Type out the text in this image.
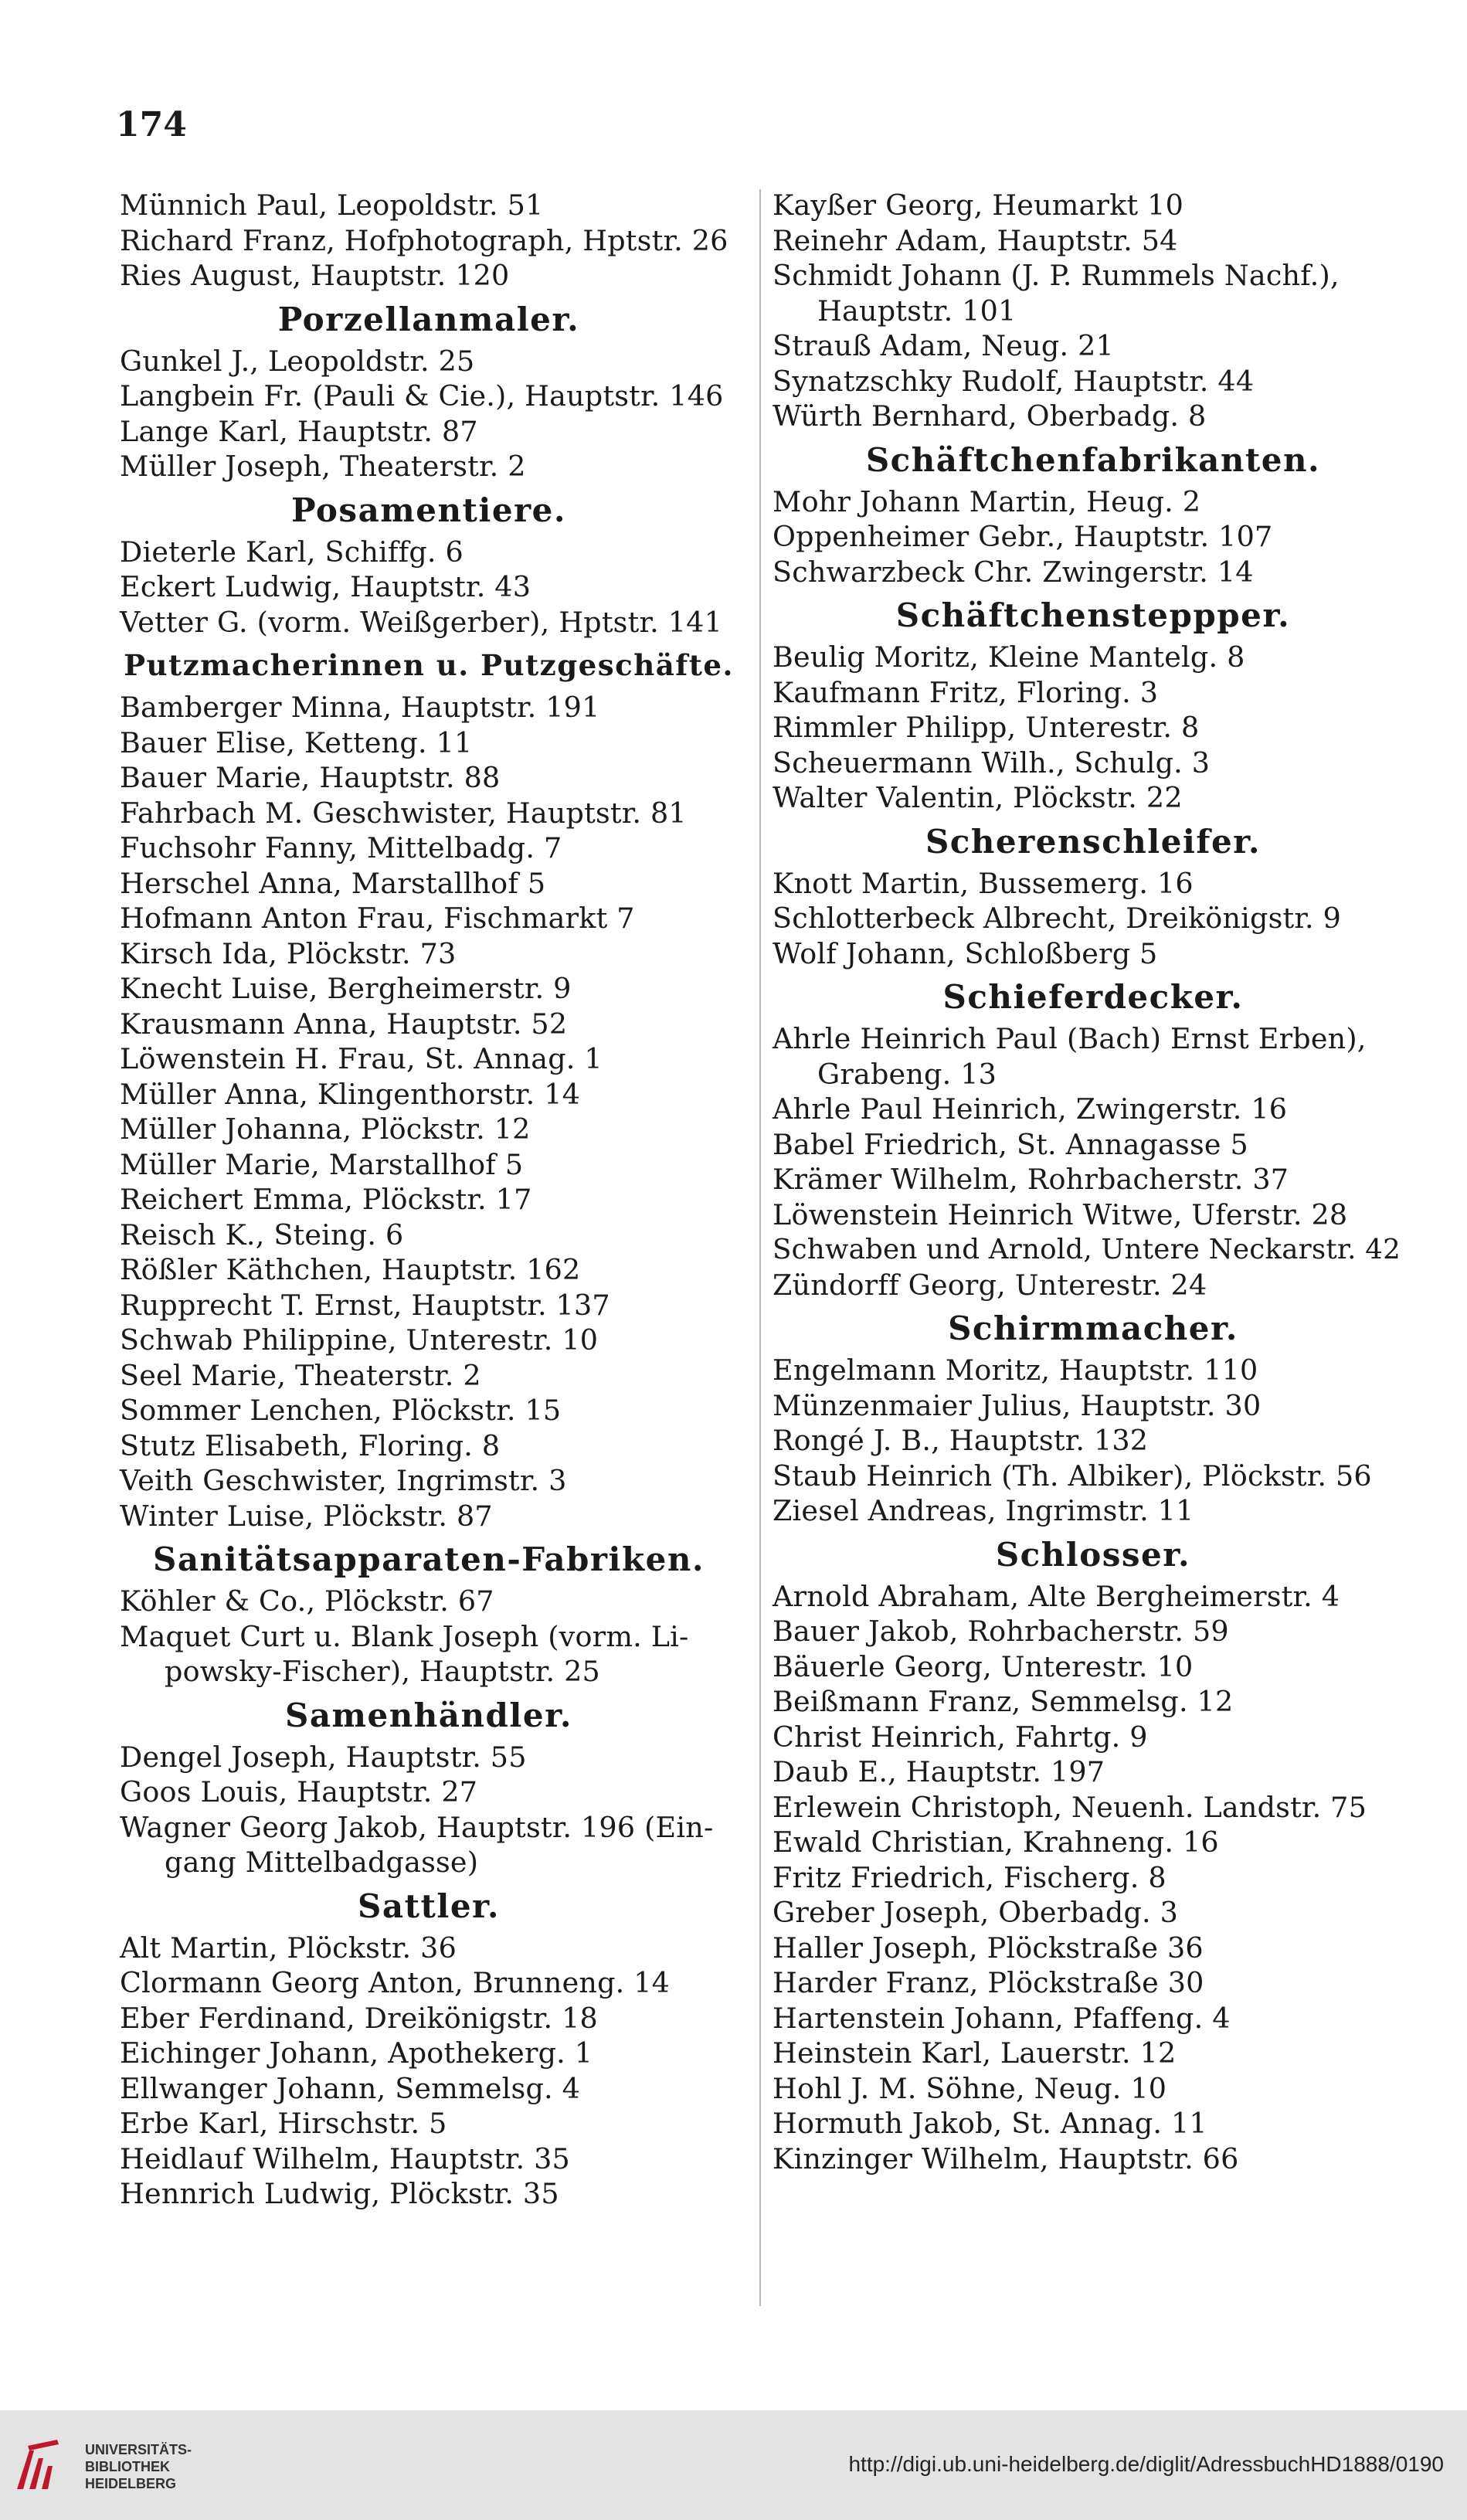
174
Münnich Paul, Leopoldstr. 51
Richard Franz, Hofphotograph, Hptstr. 26
Ries August, Hauptstr. 120
Porzellanmaler.
Gunkel J., Leopoldstr. 25
Langbein Fr. (Pauli & Cie.), Hauptstr. 146
Lange Karl, Hauptstr. 87
Müller Joseph, Theaterstr. 2
Posamentiere.
Dieterle Karl, Schiffg. 6
Eckert Ludwig, Hauptstr. 43
Vetter G. (vorm. Weißgerber), Hptstr. 141
Putzmacherinnen u. Putzgeschäfte.
Bamberger Minna, Hauptstr. 191
Bauer Elise, Ketteng. 11
Bauer Marie, Hauptstr. 88
Fahrbach M. Geschwister, Hauptstr. 81
Fuchsohr Fanny, Mittelbadg. 7
Herschel Anna, Marstallhof 5
Hofmann Anton Frau, Fischmarkt 7
Kirsch Ida, Plöckstr. 73
Knecht Luise, Bergheimerstr. 9
Krausmann Anna, Hauptstr. 52
Löwenstein H. Frau, St. Annag. 1
Müller Anna, Klingenthorstr. 14
Müller Johanna, Plöckstr. 12
Müller Marie, Marstallhof 5
Reichert Emma, Plöckstr. 17
Reisch K., Steing. 6
Rößler Käthchen, Hauptstr. 162
Rupprecht T. Ernst, Hauptstr. 137
Schwab Philippine, Unterestr. 10
Seel Marie, Theaterstr. 2
Sommer Lenchen, Plöckstr. 15
Stutz Elisabeth, Floring. 8
Veith Geschwister, Ingrimstr. 3
Winter Luise, Plöckstr. 87
Sanitätsapparaten-Fabriken.
Köhler & Co., Plöckstr. 67
Maquet Curt u. Blank Joseph (vorm. Li-
powsky-Fischer), Hauptstr. 25
Samenhändler.
Dengel Joseph, Hauptstr. 55
Goos Louis, Hauptstr. 27
Wagner Georg Jakob, Hauptstr. 196 (Ein-
gang Mittelbadgasse)
Sattler.
Alt Martin, Plöckstr. 36
Clormann Georg Anton, Brunneng. 14
Eber Ferdinand, Dreikönigstr. 18
Eichinger Johann, Apothekerg. 1
Ellwanger Johann, Semmelsg. 4
Erbe Karl, Hirschstr. 5
Heidlauf Wilhelm, Hauptstr. 35
Hennrich Ludwig, Plöckstr. 35
Kayßer Georg, Heumarkt 10
Reinehr Adam, Hauptstr. 54
Schmidt Johann (J. P. Rummels Nachf.),
Hauptstr. 101
Strauß Adam, Neug. 21
Synatzschky Rudolf, Hauptstr. 44
Würth Bernhard, Oberbadg. 8
Schäftchenfabrikanten.
Mohr Johann Martin, Heug. 2
Oppenheimer Gebr., Hauptstr. 107
Schwarzbeck Chr. Zwingerstr. 14
Schäftchensteppper.
Beulig Moritz, Kleine Mantelg. 8
Kaufmann Fritz, Floring. 3
Rimmler Philipp, Unterestr. 8
Scheuermann Wilh., Schulg. 3
Walter Valentin, Plöckstr. 22
Scherenschleifer.
Knott Martin, Bussemerg. 16
Schlotterbeck Albrecht, Dreikönigstr. 9
Wolf Johann, Schloßberg 5
Schieferdecker.
Ahrle Heinrich Paul (Bach) Ernst Erben),
Grabeng. 13
Ahrle Paul Heinrich, Zwingerstr. 16
Babel Friedrich, St. Annagasse 5
Krämer Wilhelm, Rohrbacherstr. 37
Löwenstein Heinrich Witwe, Uferstr. 28
Schwaben und Arnold, Untere Neckarstr. 42
Zündorff Georg, Unterestr. 24
Schirmmacher.
Engelmann Moritz, Hauptstr. 110
Münzenmaier Julius, Hauptstr. 30
Rongé J. B., Hauptstr. 132
Staub Heinrich (Th. Albiker), Plöckstr. 56
Ziesel Andreas, Ingrimstr. 11
Schlosser.
Arnold Abraham, Alte Bergheimerstr. 4
Bauer Jakob, Rohrbacherstr. 59
Bäuerle Georg, Unterestr. 10
Beißmann Franz, Semmelsg. 12
Christ Heinrich, Fahrtg. 9
Daub E., Hauptstr. 197
Erlewein Christoph, Neuenh. Landstr. 75
Ewald Christian, Krahneng. 16
Fritz Friedrich, Fischerg. 8
Greber Joseph, Oberbadg. 3
Haller Joseph, Plöckstraße 36
Harder Franz, Plöckstraße 30
Hartenstein Johann, Pfaffeng. 4
Heinstein Karl, Lauerstr. 12
Hohl J. M. Söhne, Neug. 10
Hormuth Jakob, St. Annag. 11
Kinzinger Wilhelm, Hauptstr. 66
UNIVERSITÄTS-
BIBLIOTHEK
HEIDELBERG
http://digi.ub.uni-heidelberg.de/diglit/AdressbuchHD1888/0190
